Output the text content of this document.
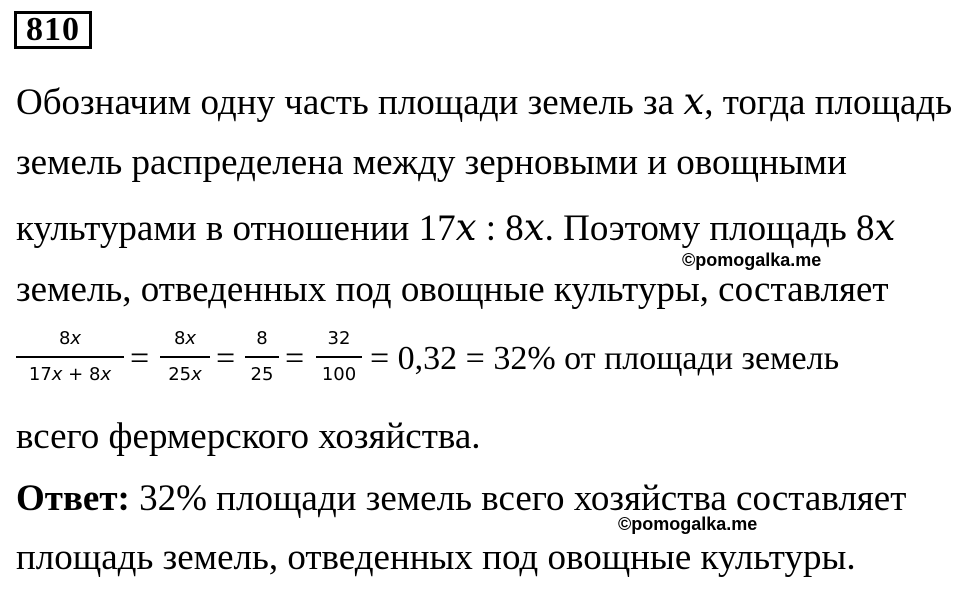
810
Обозначим одну часть площади земель за x, тогда площадь
земель распределена между зерновыми и овощными
культурами в отношении 17x : 8x. Поэтому площадь 8x
©pomogalka.me
земель, отведенных под овощные культуры, составляет
8x
17x + 8x =
8x
25x =
8
25 =
32
100 = 0,32 = 32% от площади земель
всего фермерского хозяйства.
Ответ: 32% площади земель всего хозяйства составляет
©pomogalka.me
площадь земель, отведенных под овощные культуры.
